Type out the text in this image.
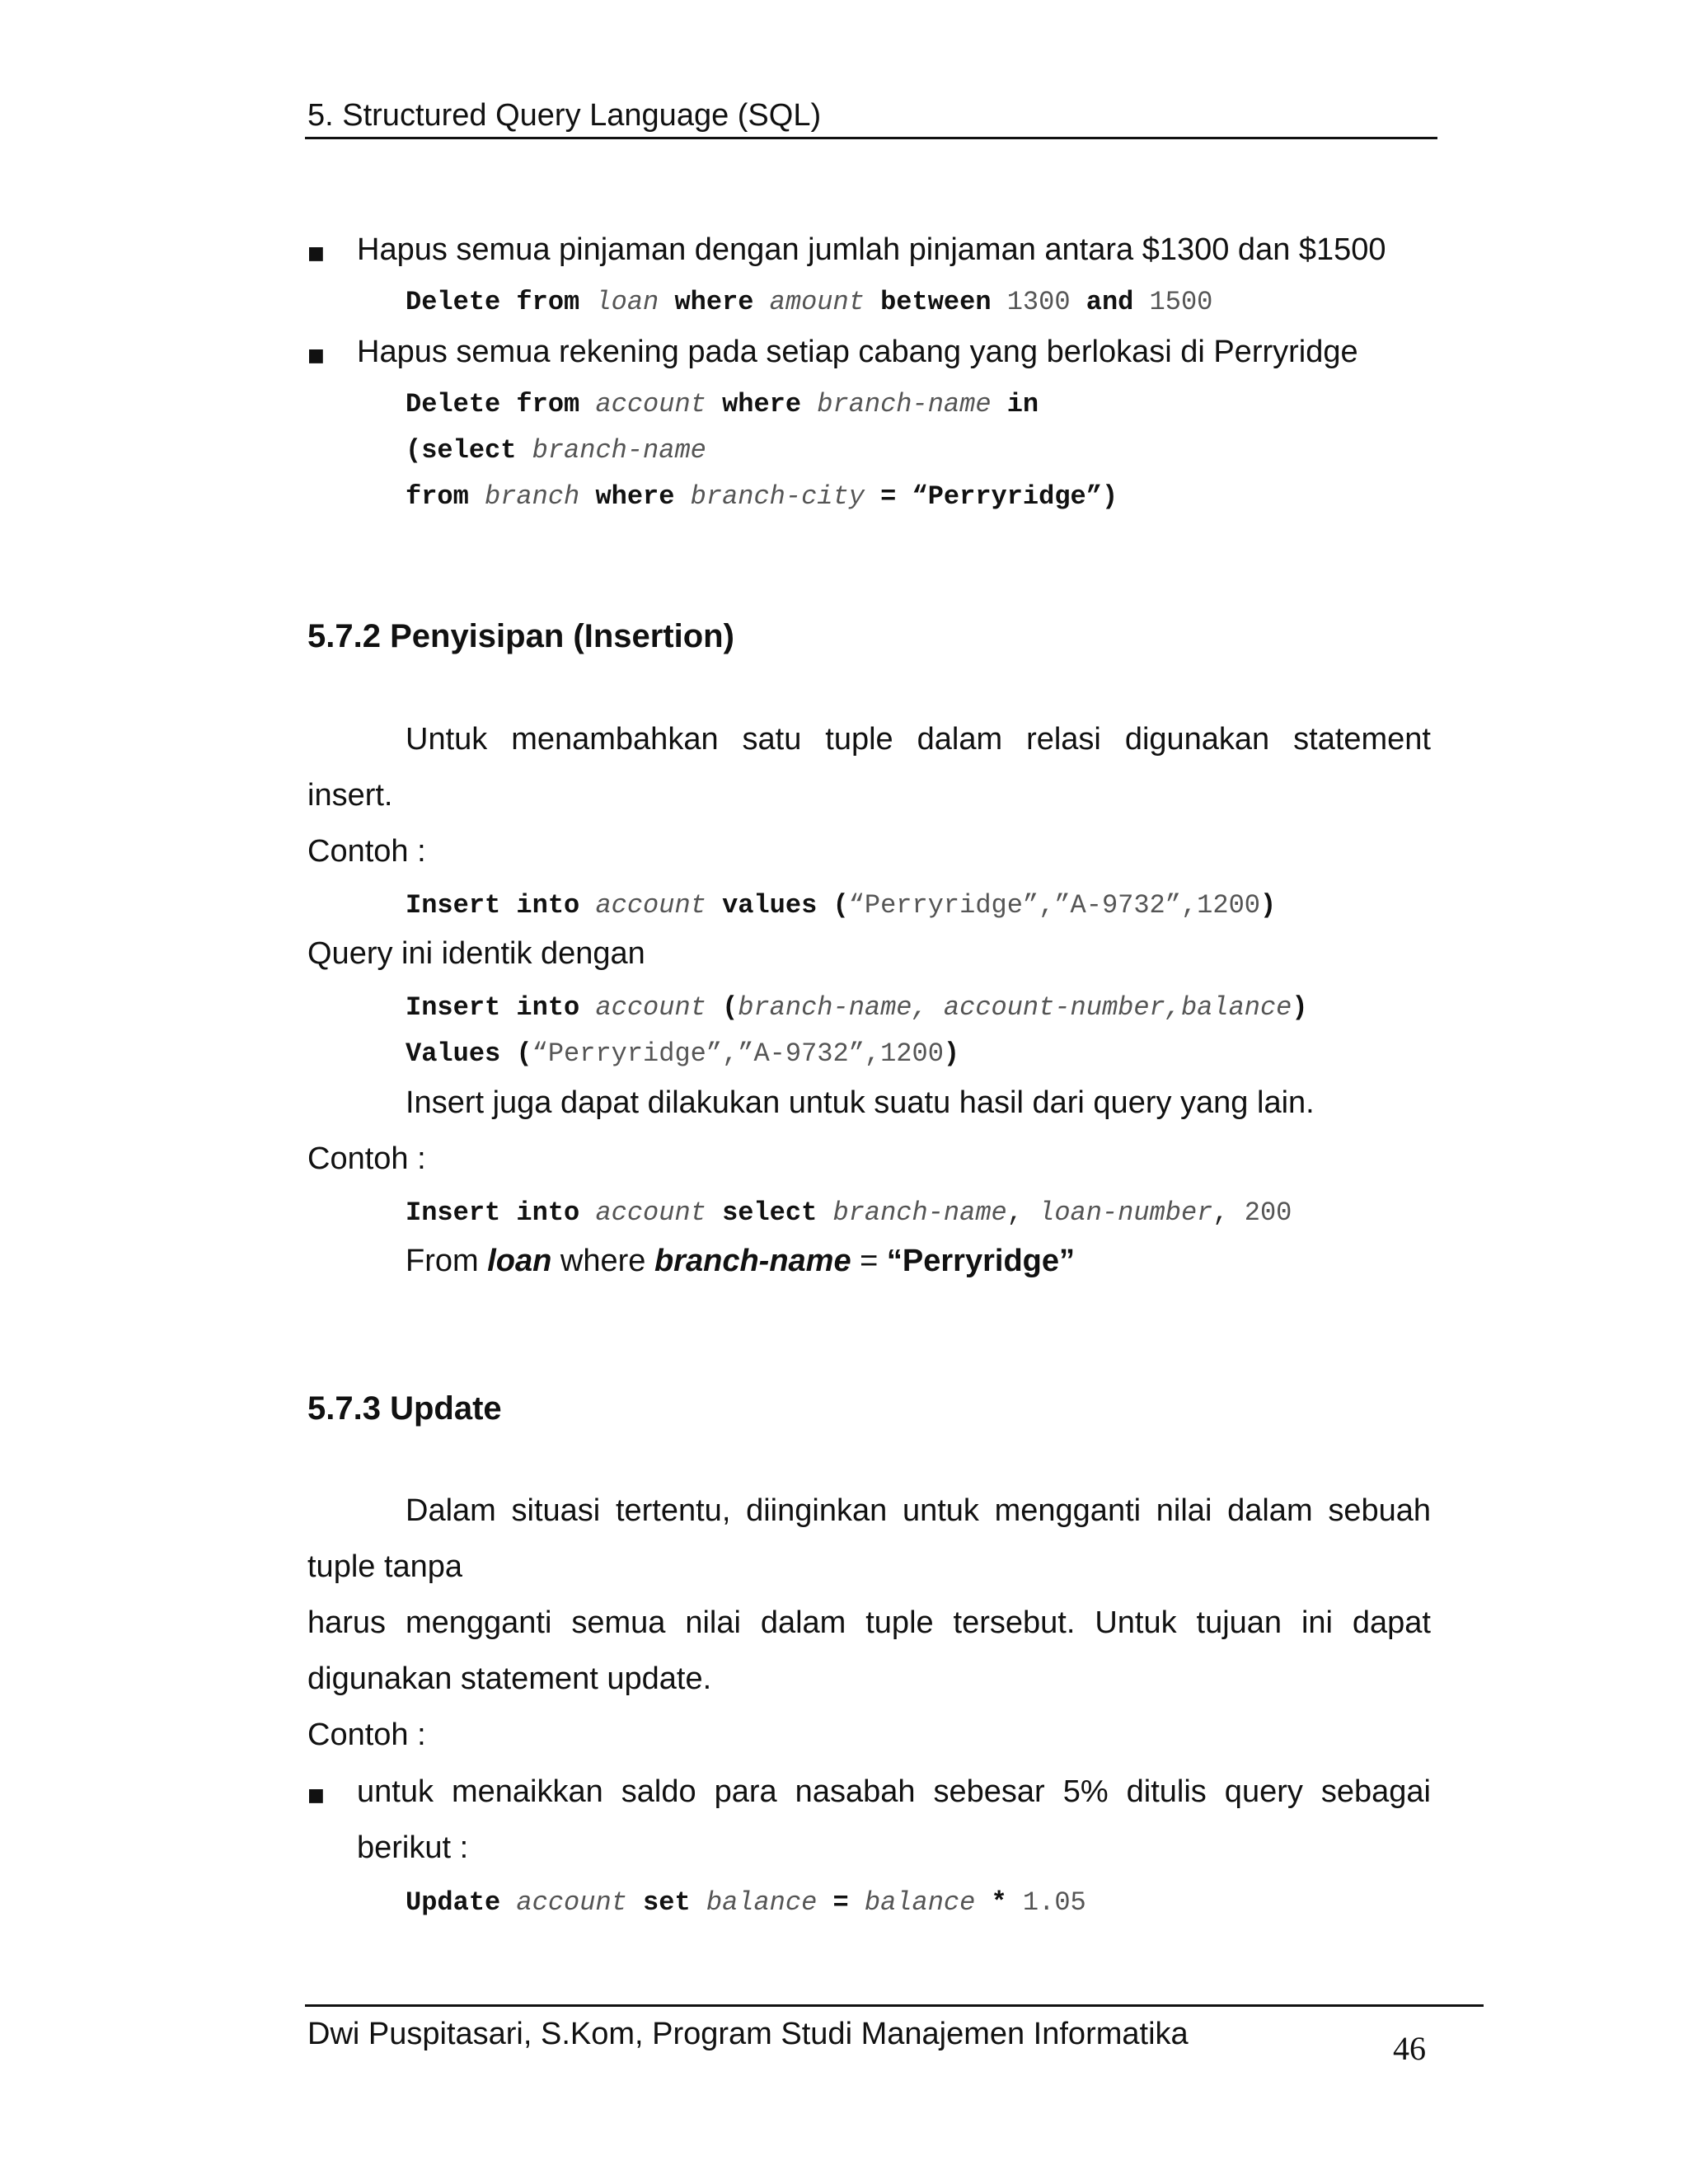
5. Structured Query Language (SQL)
■ Hapus semua pinjaman dengan jumlah pinjaman antara $1300 dan $1500
Delete from loan where amount between 1300 and 1500
■ Hapus semua rekening pada setiap cabang yang berlokasi di Perryridge
Delete from account where branch-name in
(select branch-name
from branch where branch-city = “Perryridge”)
5.7.2 Penyisipan (Insertion)
Untuk menambahkan satu tuple dalam relasi digunakan statement
insert.
Contoh :
Insert into account values (“Perryridge”,”A-9732”,1200)
Query ini identik dengan
Insert into account (branch-name, account-number,balance)
Values (“Perryridge”,”A-9732”,1200)
Insert juga dapat dilakukan untuk suatu hasil dari query yang lain.
Contoh :
Insert into account select branch-name, loan-number, 200
From loan where branch-name = “Perryridge”
5.7.3 Update
Dalam situasi tertentu, diinginkan untuk mengganti nilai dalam sebuah
tuple tanpa
harus mengganti semua nilai dalam tuple tersebut. Untuk tujuan ini dapat
digunakan statement update.
Contoh :
■ untuk menaikkan saldo para nasabah sebesar 5% ditulis query sebagai
berikut :
Update account set balance = balance * 1.05
Dwi Puspitasari, S.Kom, Program Studi Manajemen Informatika	46
